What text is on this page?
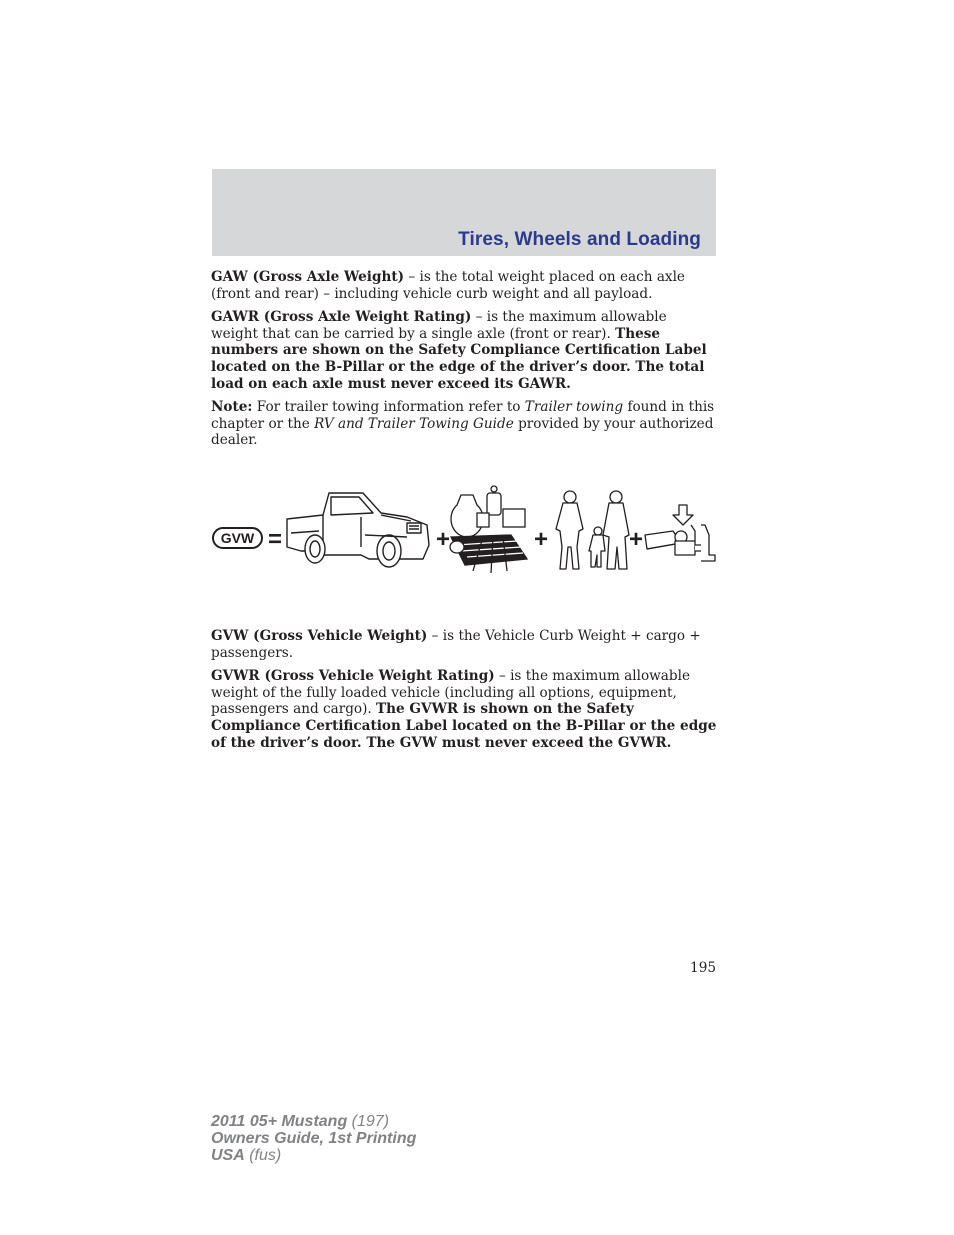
Tires, Wheels and Loading

GAW (Gross Axle Weight) – is the total weight placed on each axle (front and rear) – including vehicle curb weight and all payload.

GAWR (Gross Axle Weight Rating) – is the maximum allowable weight that can be carried by a single axle (front or rear). These numbers are shown on the Safety Compliance Certification Label located on the B-Pillar or the edge of the driver’s door. The total load on each axle must never exceed its GAWR.

Note: For trailer towing information refer to Trailer towing found in this chapter or the RV and Trailer Towing Guide provided by your authorized dealer.

GVW =	+	+	+

GVW (Gross Vehicle Weight) – is the Vehicle Curb Weight + cargo + passengers.

GVWR (Gross Vehicle Weight Rating) – is the maximum allowable weight of the fully loaded vehicle (including all options, equipment, passengers and cargo). The GVWR is shown on the Safety Compliance Certification Label located on the B-Pillar or the edge of the driver’s door. The GVW must never exceed the GVWR.

195
2011 05+ Mustang (197)
Owners Guide, 1st Printing
USA (fus)
